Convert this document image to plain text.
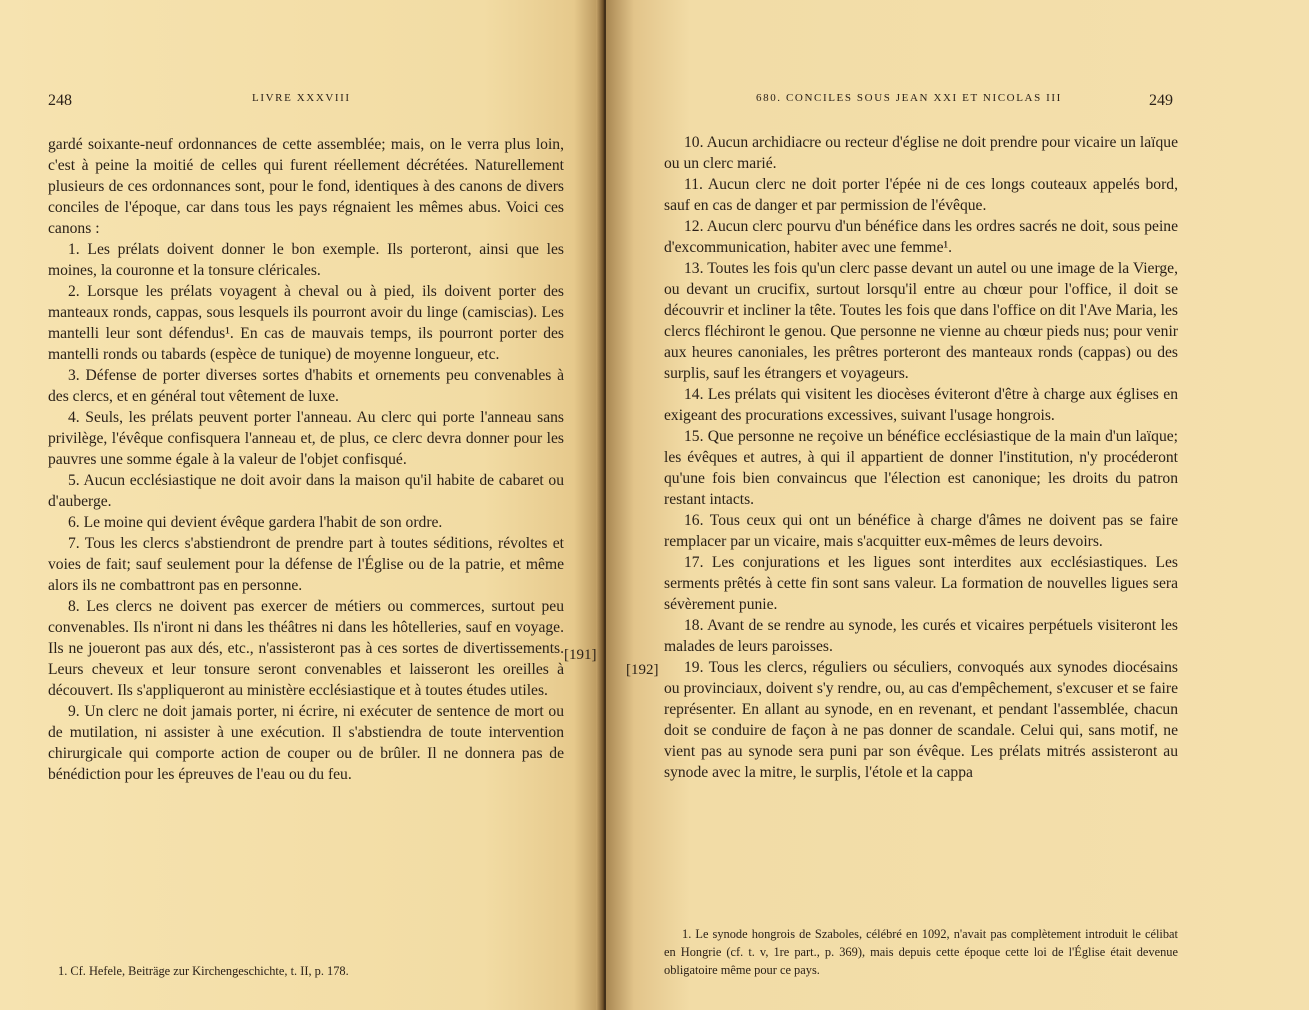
248	LIVRE XXXVIII

gardé soixante-neuf ordonnances de cette assemblée; mais, on le verra plus loin, c'est à peine la moitié de celles qui furent réellement décrétées. Naturellement plusieurs de ces ordonnances sont, pour le fond, identiques à des canons de divers conciles de l'époque, car dans tous les pays régnaient les mêmes abus. Voici ces canons :

1. Les prélats doivent donner le bon exemple. Ils porteront, ainsi que les moines, la couronne et la tonsure cléricales.

2. Lorsque les prélats voyagent à cheval ou à pied, ils doivent porter des manteaux ronds, cappas, sous lesquels ils pourront avoir du linge (camiscias). Les mantelli leur sont défendus¹. En cas de mauvais temps, ils pourront porter des mantelli ronds ou tabards (espèce de tunique) de moyenne longueur, etc.

3. Défense de porter diverses sortes d'habits et ornements peu convenables à des clercs, et en général tout vêtement de luxe.

4. Seuls, les prélats peuvent porter l'anneau. Au clerc qui porte l'anneau sans privilège, l'évêque confisquera l'anneau et, de plus, ce clerc devra donner pour les pauvres une somme égale à la valeur de l'objet confisqué.

5. Aucun ecclésiastique ne doit avoir dans la maison qu'il habite de cabaret ou d'auberge.

6. Le moine qui devient évêque gardera l'habit de son ordre.

7. Tous les clercs s'abstiendront de prendre part à toutes séditions, révoltes et voies de fait; sauf seulement pour la défense de l'Église ou de la patrie, et même alors ils ne combattront pas en personne.

8. Les clercs ne doivent pas exercer de métiers ou commerces, surtout peu convenables. Ils n'iront ni dans les théâtres ni dans les hôtelleries, sauf en voyage. Ils ne joueront pas aux dés, etc., n'assisteront pas à ces sortes de divertissements. Leurs cheveux et leur tonsure seront convenables et laisseront les oreilles à découvert. Ils s'appliqueront au ministère ecclésiastique et à toutes études utiles.

9. Un clerc ne doit jamais porter, ni écrire, ni exécuter de sentence de mort ou de mutilation, ni assister à une exécution. Il s'abstiendra de toute intervention chirurgicale qui comporte action de couper ou de brûler. Il ne donnera pas de bénédiction pour les épreuves de l'eau ou du feu.

[191]

1. Cf. Hefele, Beiträge zur Kirchengeschichte, t. II, p. 178.

680. CONCILES SOUS JEAN XXI ET NICOLAS III	249
[192]

10. Aucun archidiacre ou recteur d'église ne doit prendre pour vicaire un laïque ou un clerc marié.

11. Aucun clerc ne doit porter l'épée ni de ces longs couteaux appelés bord, sauf en cas de danger et par permission de l'évêque.

12. Aucun clerc pourvu d'un bénéfice dans les ordres sacrés ne doit, sous peine d'excommunication, habiter avec une femme¹.

13. Toutes les fois qu'un clerc passe devant un autel ou une image de la Vierge, ou devant un crucifix, surtout lorsqu'il entre au chœur pour l'office, il doit se découvrir et incliner la tête. Toutes les fois que dans l'office on dit l'Ave Maria, les clercs fléchiront le genou. Que personne ne vienne au chœur pieds nus; pour venir aux heures canoniales, les prêtres porteront des manteaux ronds (cappas) ou des surplis, sauf les étrangers et voyageurs.

14. Les prélats qui visitent les diocèses éviteront d'être à charge aux églises en exigeant des procurations excessives, suivant l'usage hongrois.

15. Que personne ne reçoive un bénéfice ecclésiastique de la main d'un laïque; les évêques et autres, à qui il appartient de donner l'institution, n'y procéderont qu'une fois bien convaincus que l'élection est canonique; les droits du patron restant intacts.

16. Tous ceux qui ont un bénéfice à charge d'âmes ne doivent pas se faire remplacer par un vicaire, mais s'acquitter eux-mêmes de leurs devoirs.

17. Les conjurations et les ligues sont interdites aux ecclésiastiques. Les serments prêtés à cette fin sont sans valeur. La formation de nouvelles ligues sera sévèrement punie.

18. Avant de se rendre au synode, les curés et vicaires perpétuels visiteront les malades de leurs paroisses.

19. Tous les clercs, réguliers ou séculiers, convoqués aux synodes diocésains ou provinciaux, doivent s'y rendre, ou, au cas d'empêchement, s'excuser et se faire représenter. En allant au synode, en en revenant, et pendant l'assemblée, chacun doit se conduire de façon à ne pas donner de scandale. Celui qui, sans motif, ne vient pas au synode sera puni par son évêque. Les prélats mitrés assisteront au synode avec la mitre, le surplis, l'étole et la cappa

1. Le synode hongrois de Szaboles, célébré en 1092, n'avait pas complètement introduit le célibat en Hongrie (cf. t. v, 1re part., p. 369), mais depuis cette époque cette loi de l'Église était devenue obligatoire même pour ce pays.
